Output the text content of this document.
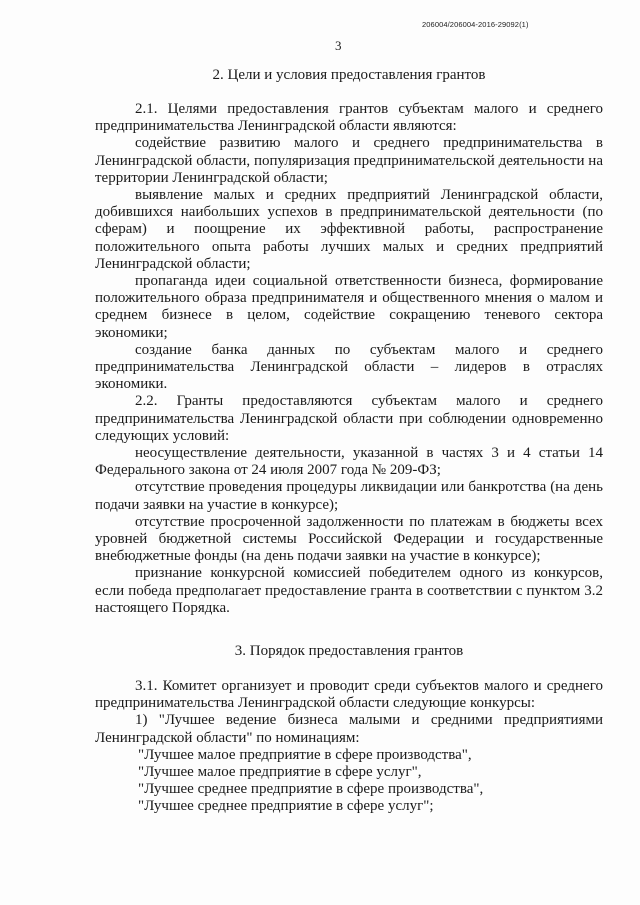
206004/206004-2016-29092(1)
3
2. Цели и условия предоставления грантов

2.1. Целями предоставления грантов субъектам малого и среднего предпринимательства Ленинградской области являются:

содействие развитию малого и среднего предпринимательства в Ленинградской области, популяризация предпринимательской деятельности на территории Ленинградской области;

выявление малых и средних предприятий Ленинградской области, добившихся наибольших успехов в предпринимательской деятельности (по сферам) и поощрение их эффективной работы, распространение положительного опыта работы лучших малых и средних предприятий Ленинградской области;

пропаганда идеи социальной ответственности бизнеса, формирование положительного образа предпринимателя и общественного мнения о малом и среднем бизнесе в целом, содействие сокращению теневого сектора экономики;

создание банка данных по субъектам малого и среднего предпринимательства Ленинградской области – лидеров в отраслях экономики.

2.2. Гранты предоставляются субъектам малого и среднего предпринимательства Ленинградской области при соблюдении одновременно следующих условий:

неосуществление деятельности, указанной в частях 3 и 4 статьи 14 Федерального закона от 24 июля 2007 года № 209-ФЗ;

отсутствие проведения процедуры ликвидации или банкротства (на день подачи заявки на участие в конкурсе);

отсутствие просроченной задолженности по платежам в бюджеты всех уровней бюджетной системы Российской Федерации и государственные внебюджетные фонды (на день подачи заявки на участие в конкурсе);

признание конкурсной комиссией победителем одного из конкурсов, если победа предполагает предоставление гранта в соответствии с пунктом 3.2 настоящего Порядка.

3. Порядок предоставления грантов

3.1. Комитет организует и проводит среди субъектов малого и среднего предпринимательства Ленинградской области следующие конкурсы:

1) "Лучшее ведение бизнеса малыми и средними предприятиями Ленинградской области" по номинациям:

"Лучшее малое предприятие в сфере производства",

"Лучшее малое предприятие в сфере услуг",

"Лучшее среднее предприятие в сфере производства",

"Лучшее среднее предприятие в сфере услуг";
